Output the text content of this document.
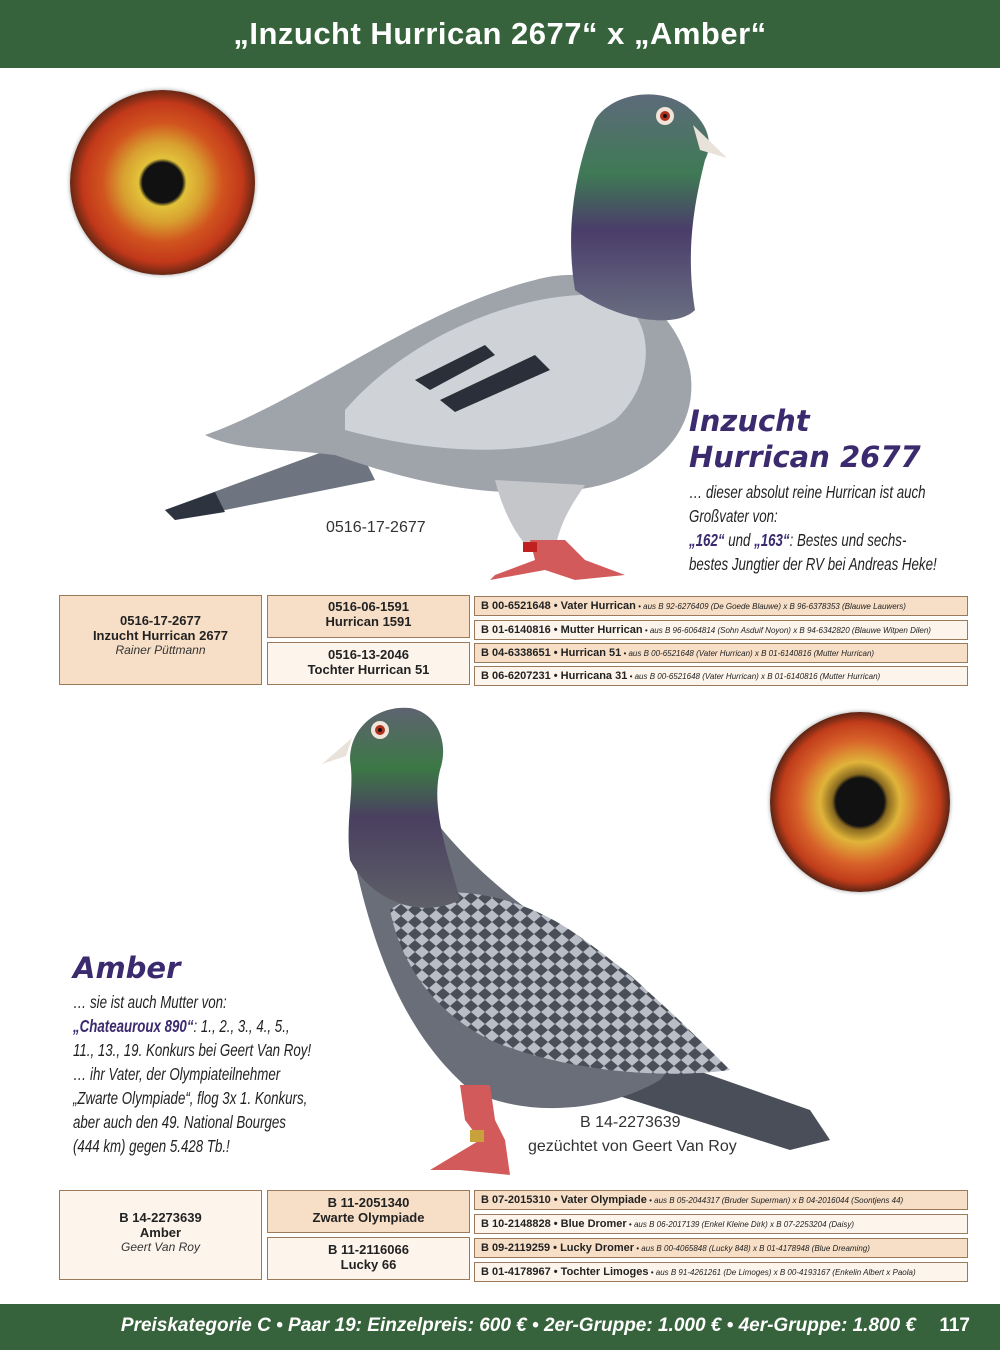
„Inzucht Hurrican 2677“ x „Amber“
0516-17-2677
Inzucht
Hurrican 2677
… dieser absolut reine Hurrican ist auch
Großvater von:
„162“ und „163“: Bestes und sechs-
bestes Jungtier der RV bei Andreas Heke!
0516-17-2677
Inzucht Hurrican 2677
Rainer Püttmann
0516-06-1591
Hurrican 1591
0516-13-2046
Tochter Hurrican 51
B 00-6521648 • Vater Hurrican • aus B 92-6276409 (De Goede Blauwe) x B 96-6378353 (Blauwe Lauwers)
B 01-6140816 • Mutter Hurrican • aus B 96-6064814 (Sohn Asduif Noyon) x B 94-6342820 (Blauwe Witpen Dilen)
B 04-6338651 • Hurrican 51 • aus B 00-6521648 (Vater Hurrican) x B 01-6140816 (Mutter Hurrican)
B 06-6207231 • Hurricana 31 • aus B 00-6521648 (Vater Hurrican) x B 01-6140816 (Mutter Hurrican)
B 14-2273639
gezüchtet von Geert Van Roy
Amber
… sie ist auch Mutter von:
„Chateauroux 890“: 1., 2., 3., 4., 5.,
11., 13., 19. Konkurs bei Geert Van Roy!
… ihr Vater, der Olympiateilnehmer
„Zwarte Olympiade“, flog 3x 1. Konkurs,
aber auch den 49. National Bourges
(444 km) gegen 5.428 Tb.!
B 14-2273639
Amber
Geert Van Roy
B 11-2051340
Zwarte Olympiade
B 11-2116066
Lucky 66
B 07-2015310 • Vater Olympiade • aus B 05-2044317 (Bruder Superman) x B 04-2016044 (Soontjens 44)
B 10-2148828 • Blue Dromer • aus B 06-2017139 (Enkel Kleine Dirk) x B 07-2253204 (Daisy)
B 09-2119259 • Lucky Dromer • aus B 00-4065848 (Lucky 848) x B 01-4178948 (Blue Dreaming)
B 01-4178967 • Tochter Limoges • aus B 91-4261261 (De Limoges) x B 00-4193167 (Enkelin Albert x Paola)
Preiskategorie C • Paar 19: Einzelpreis: 600 € • 2er-Gruppe: 1.000 € • 4er-Gruppe: 1.800 € 117
